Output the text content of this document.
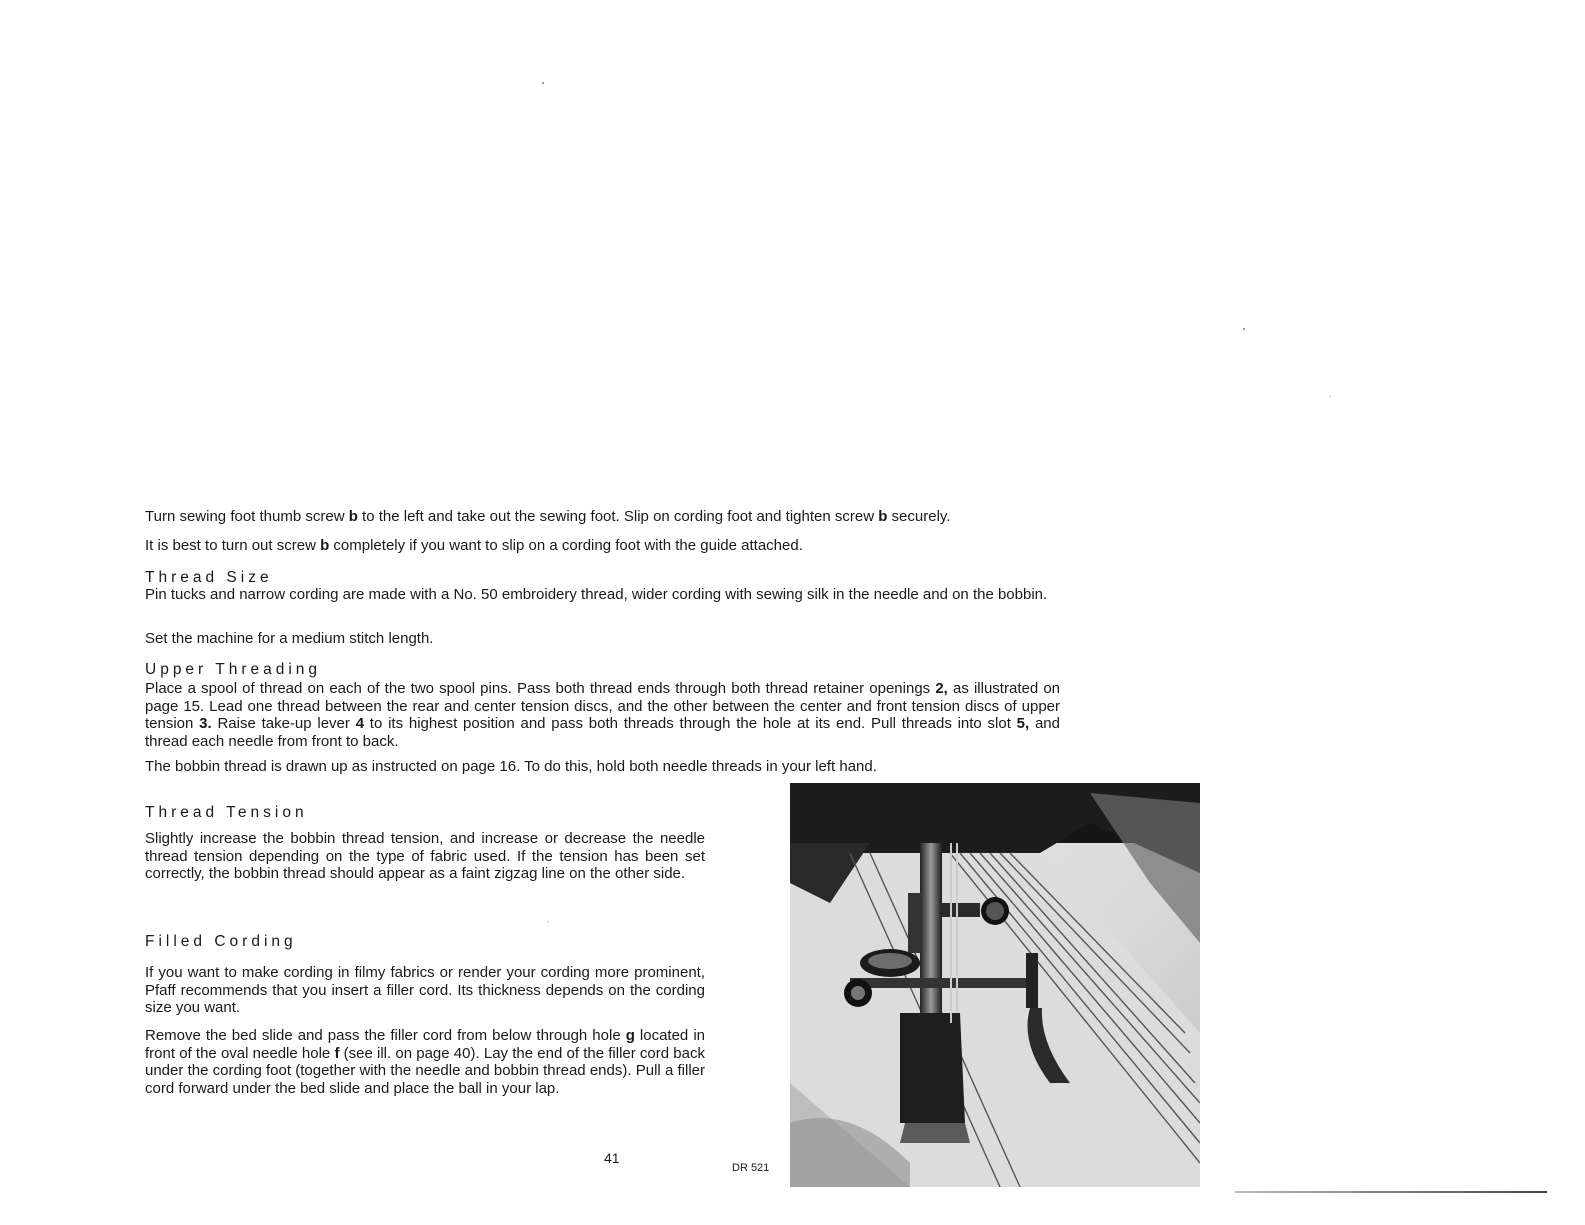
Turn sewing foot thumb screw b to the left and take out the sewing foot. Slip on cording foot and tighten screw b securely.

It is best to turn out screw b completely if you want to slip on a cording foot with the guide attached.

Thread Size

Pin tucks and narrow cording are made with a No. 50 embroidery thread, wider cording with sewing silk in the needle and on the bobbin.

Set the machine for a medium stitch length.

Upper Threading

Place a spool of thread on each of the two spool pins. Pass both thread ends through both thread retainer openings 2, as illustrated on page 15. Lead one thread between the rear and center tension discs, and the other between the center and front tension discs of upper tension 3. Raise take-up lever 4 to its highest position and pass both threads through the hole at its end. Pull threads into slot 5, and thread each needle from front to back.

The bobbin thread is drawn up as instructed on page 16. To do this, hold both needle threads in your left hand.

Thread Tension

Slightly increase the bobbin thread tension, and increase or decrease the needle thread tension depending on the type of fabric used. If the tension has been set correctly, the bobbin thread should appear as a faint zigzag line on the other side.

Filled Cording

If you want to make cording in filmy fabrics or render your cording more prominent, Pfaff recommends that you insert a filler cord. Its thickness depends on the cording size you want.

Remove the bed slide and pass the filler cord from below through hole g located in front of the oval needle hole f (see ill. on page 40). Lay the end of the filler cord back under the cording foot (together with the needle and bobbin thread ends). Pull a filler cord forward under the bed slide and place the ball in your lap.

41
DR 521
